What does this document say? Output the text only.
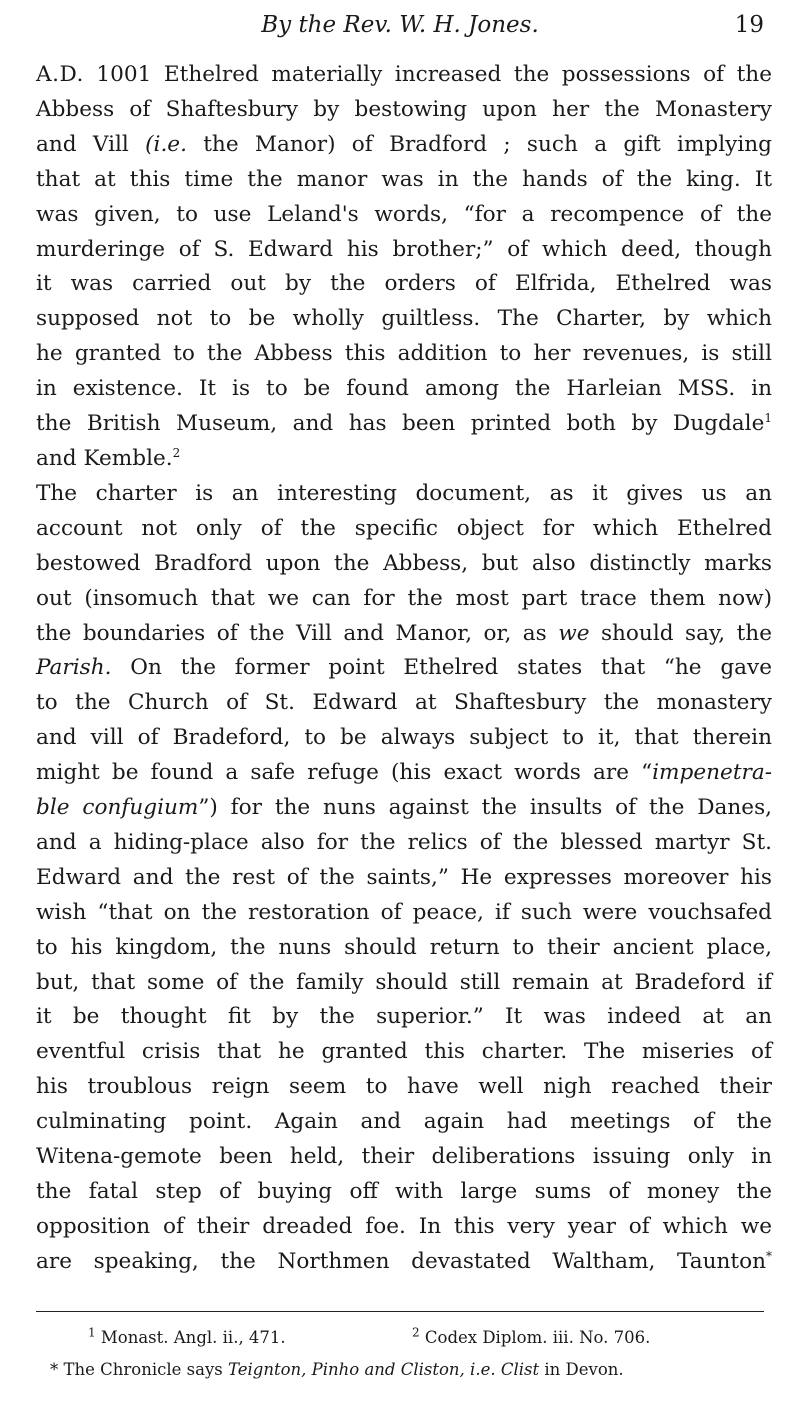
By the Rev. W. H. Jones.	19
A.D. 1001 Ethelred materially increased the possessions of the
Abbess of Shaftesbury by bestowing upon her the Monastery
and Vill (i.e. the Manor) of Bradford ; such a gift implying
that at this time the manor was in the hands of the king. It
was given, to use Leland's words, “for a recompence of the
murderinge of S. Edward his brother;” of which deed, though
it was carried out by the orders of Elfrida, Ethelred was
supposed not to be wholly guiltless. The Charter, by which
he granted to the Abbess this addition to her revenues, is still
in existence. It is to be found among the Harleian MSS. in
the British Museum, and has been printed both by Dugdale$^1$
and Kemble.$^2$
The charter is an interesting document, as it gives us an
account not only of the specific object for which Ethelred
bestowed Bradford upon the Abbess, but also distinctly marks
out (insomuch that we can for the most part trace them now)
the boundaries of the Vill and Manor, or, as we should say, the
Parish. On the former point Ethelred states that “he gave
to the Church of St. Edward at Shaftesbury the monastery
and vill of Bradeford, to be always subject to it, that therein
might be found a safe refuge (his exact words are “impenetra-
ble confugium”) for the nuns against the insults of the Danes,
and a hiding-place also for the relics of the blessed martyr St.
Edward and the rest of the saints,” He expresses moreover his
wish “that on the restoration of peace, if such were vouchsafed
to his kingdom, the nuns should return to their ancient place,
but, that some of the family should still remain at Bradeford if
it be thought fit by the superior.” It was indeed at an
eventful crisis that he granted this charter. The miseries of
his troublous reign seem to have well nigh reached their
culminating point. Again and again had meetings of the
Witena-gemote been held, their deliberations issuing only in
the fatal step of buying off with large sums of money the
opposition of their dreaded foe. In this very year of which we
are speaking, the Northmen devastated Waltham, Taunton*
$^1$ Monast. Angl. ii., 471.	$^2$ Codex Diplom. iii. No. 706.
* The Chronicle says Teignton, Pinho and Cliston, i.e. Clist in Devon.
